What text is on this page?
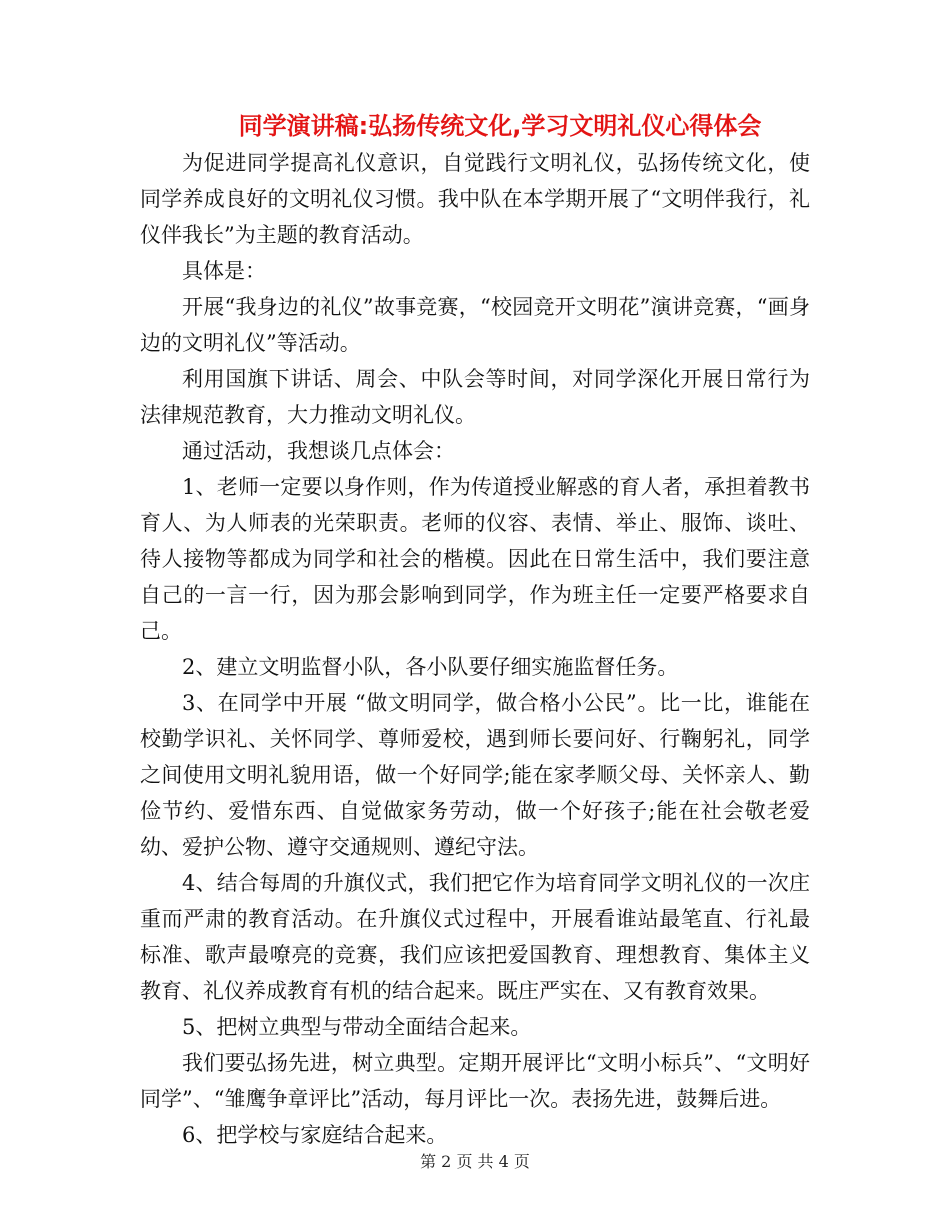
同学演讲稿:弘扬传统文化,学习文明礼仪心得体会

为促进同学提高礼仪意识，自觉践行文明礼仪，弘扬传统文化，使同学养成良好的文明礼仪习惯。我中队在本学期开展了“文明伴我行，礼仪伴我长”为主题的教育活动。

具体是：

开展“我身边的礼仪”故事竞赛，“校园竞开文明花”演讲竞赛，“画身边的文明礼仪”等活动。

利用国旗下讲话、周会、中队会等时间，对同学深化开展日常行为法律规范教育，大力推动文明礼仪。

通过活动，我想谈几点体会：

1、老师一定要以身作则，作为传道授业解惑的育人者，承担着教书育人、为人师表的光荣职责。老师的仪容、表情、举止、服饰、谈吐、待人接物等都成为同学和社会的楷模。因此在日常生活中，我们要注意自己的一言一行，因为那会影响到同学，作为班主任一定要严格要求自己。

2、建立文明监督小队，各小队要仔细实施监督任务。

3、在同学中开展 “做文明同学，做合格小公民”。比一比，谁能在校勤学识礼、关怀同学、尊师爱校，遇到师长要问好、行鞠躬礼，同学之间使用文明礼貌用语，做一个好同学;能在家孝顺父母、关怀亲人、勤俭节约、爱惜东西、自觉做家务劳动，做一个好孩子;能在社会敬老爱幼、爱护公物、遵守交通规则、遵纪守法。

4、结合每周的升旗仪式，我们把它作为培育同学文明礼仪的一次庄重而严肃的教育活动。在升旗仪式过程中，开展看谁站最笔直、行礼最标准、歌声最嘹亮的竞赛，我们应该把爱国教育、理想教育、集体主义教育、礼仪养成教育有机的结合起来。既庄严实在、又有教育效果。

5、把树立典型与带动全面结合起来。

我们要弘扬先进，树立典型。定期开展评比“文明小标兵”、“文明好同学”、“雏鹰争章评比”活动，每月评比一次。表扬先进，鼓舞后进。

6、把学校与家庭结合起来。

第 2 页 共 4 页
